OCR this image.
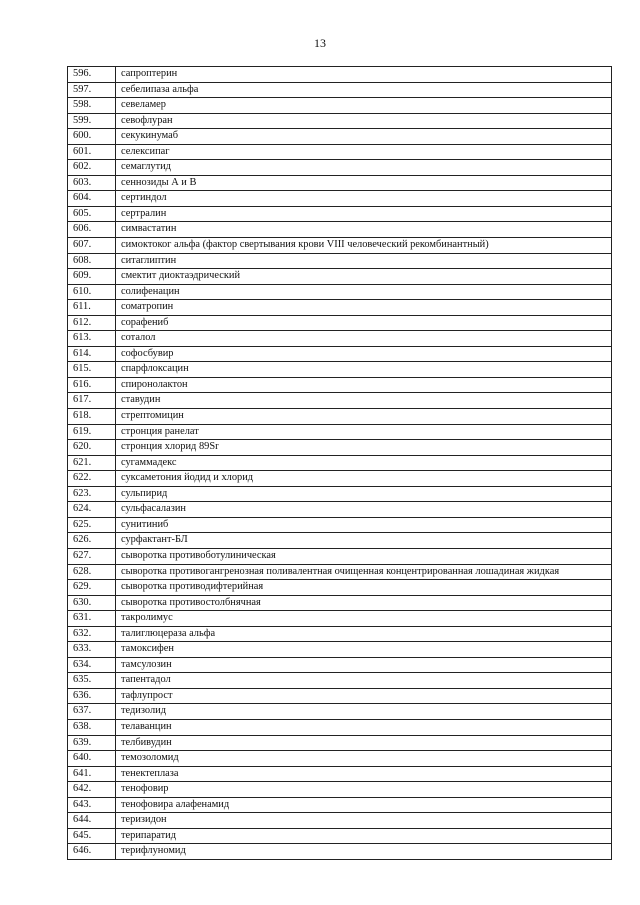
13
596.	сапроптерин
597.	себелипаза альфа
598.	севеламер
599.	севофлуран
600.	секукинумаб
601.	селексипаг
602.	семаглутид
603.	сеннозиды А и В
604.	сертиндол
605.	сертралин
606.	симвастатин
607.	симоктоког альфа (фактор свертывания крови VIII человеческий рекомбинантный)
608.	ситаглиптин
609.	смектит диоктаэдрический
610.	солифенацин
611.	соматропин
612.	сорафениб
613.	соталол
614.	софосбувир
615.	спарфлоксацин
616.	спиронолактон
617.	ставудин
618.	стрептомицин
619.	стронция ранелат
620.	стронция хлорид 89Sr
621.	сугаммадекс
622.	суксаметония йодид и хлорид
623.	сульпирид
624.	сульфасалазин
625.	сунитиниб
626.	сурфактант-БЛ
627.	сыворотка противоботулиническая
628.	сыворотка противогангренозная поливалентная очищенная концентрированная лошадиная жидкая
629.	сыворотка противодифтерийная
630.	сыворотка противостолбнячная
631.	такролимус
632.	талиглюцераза альфа
633.	тамоксифен
634.	тамсулозин
635.	тапентадол
636.	тафлупрост
637.	тедизолид
638.	телаванцин
639.	телбивудин
640.	темозоломид
641.	тенектеплаза
642.	тенофовир
643.	тенофовира алафенамид
644.	теризидон
645.	терипаратид
646.	терифлуномид
